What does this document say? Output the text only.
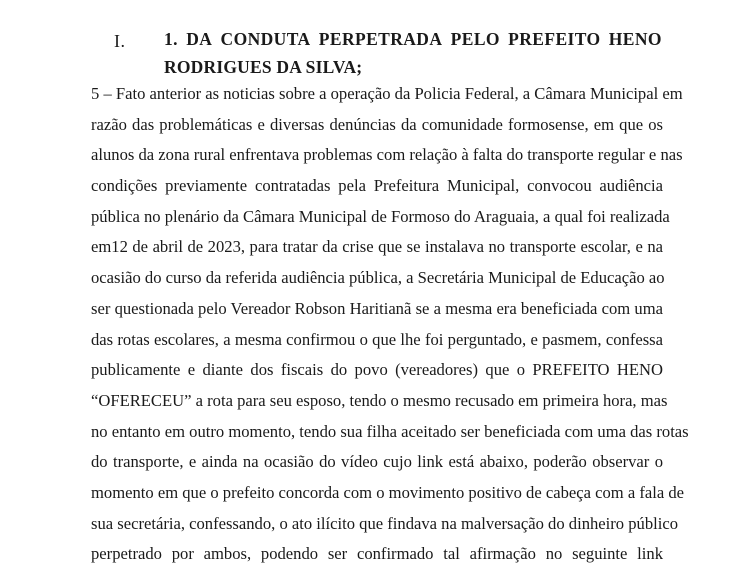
I. 1. DA CONDUTA PERPETRADA PELO PREFEITO HENO
RODRIGUES DA SILVA;
5 – Fato anterior as noticias sobre a operação da Policia Federal, a Câmara Municipal em
razão das problemáticas e diversas denúncias da comunidade formosense, em que os
alunos da zona rural enfrentava problemas com relação à falta do transporte regular e nas
condições previamente contratadas pela Prefeitura Municipal, convocou audiência
pública no plenário da Câmara Municipal de Formoso do Araguaia, a qual foi realizada
em12 de abril de 2023, para tratar da crise que se instalava no transporte escolar, e na
ocasião do curso da referida audiência pública, a Secretária Municipal de Educação ao
ser questionada pelo Vereador Robson Haritianã se a mesma era beneficiada com uma
das rotas escolares, a mesma confirmou o que lhe foi perguntado, e pasmem, confessa
publicamente e diante dos fiscais do povo (vereadores) que o PREFEITO HENO
“OFERECEU” a rota para seu esposo, tendo o mesmo recusado em primeira hora, mas
no entanto em outro momento, tendo sua filha aceitado ser beneficiada com uma das rotas
do transporte, e ainda na ocasião do vídeo cujo link está abaixo, poderão observar o
momento em que o prefeito concorda com o movimento positivo de cabeça com a fala de
sua secretária, confessando, o ato ilícito que findava na malversação do dinheiro público
perpetrado por ambos, podendo ser confirmado tal afirmação no seguinte link
